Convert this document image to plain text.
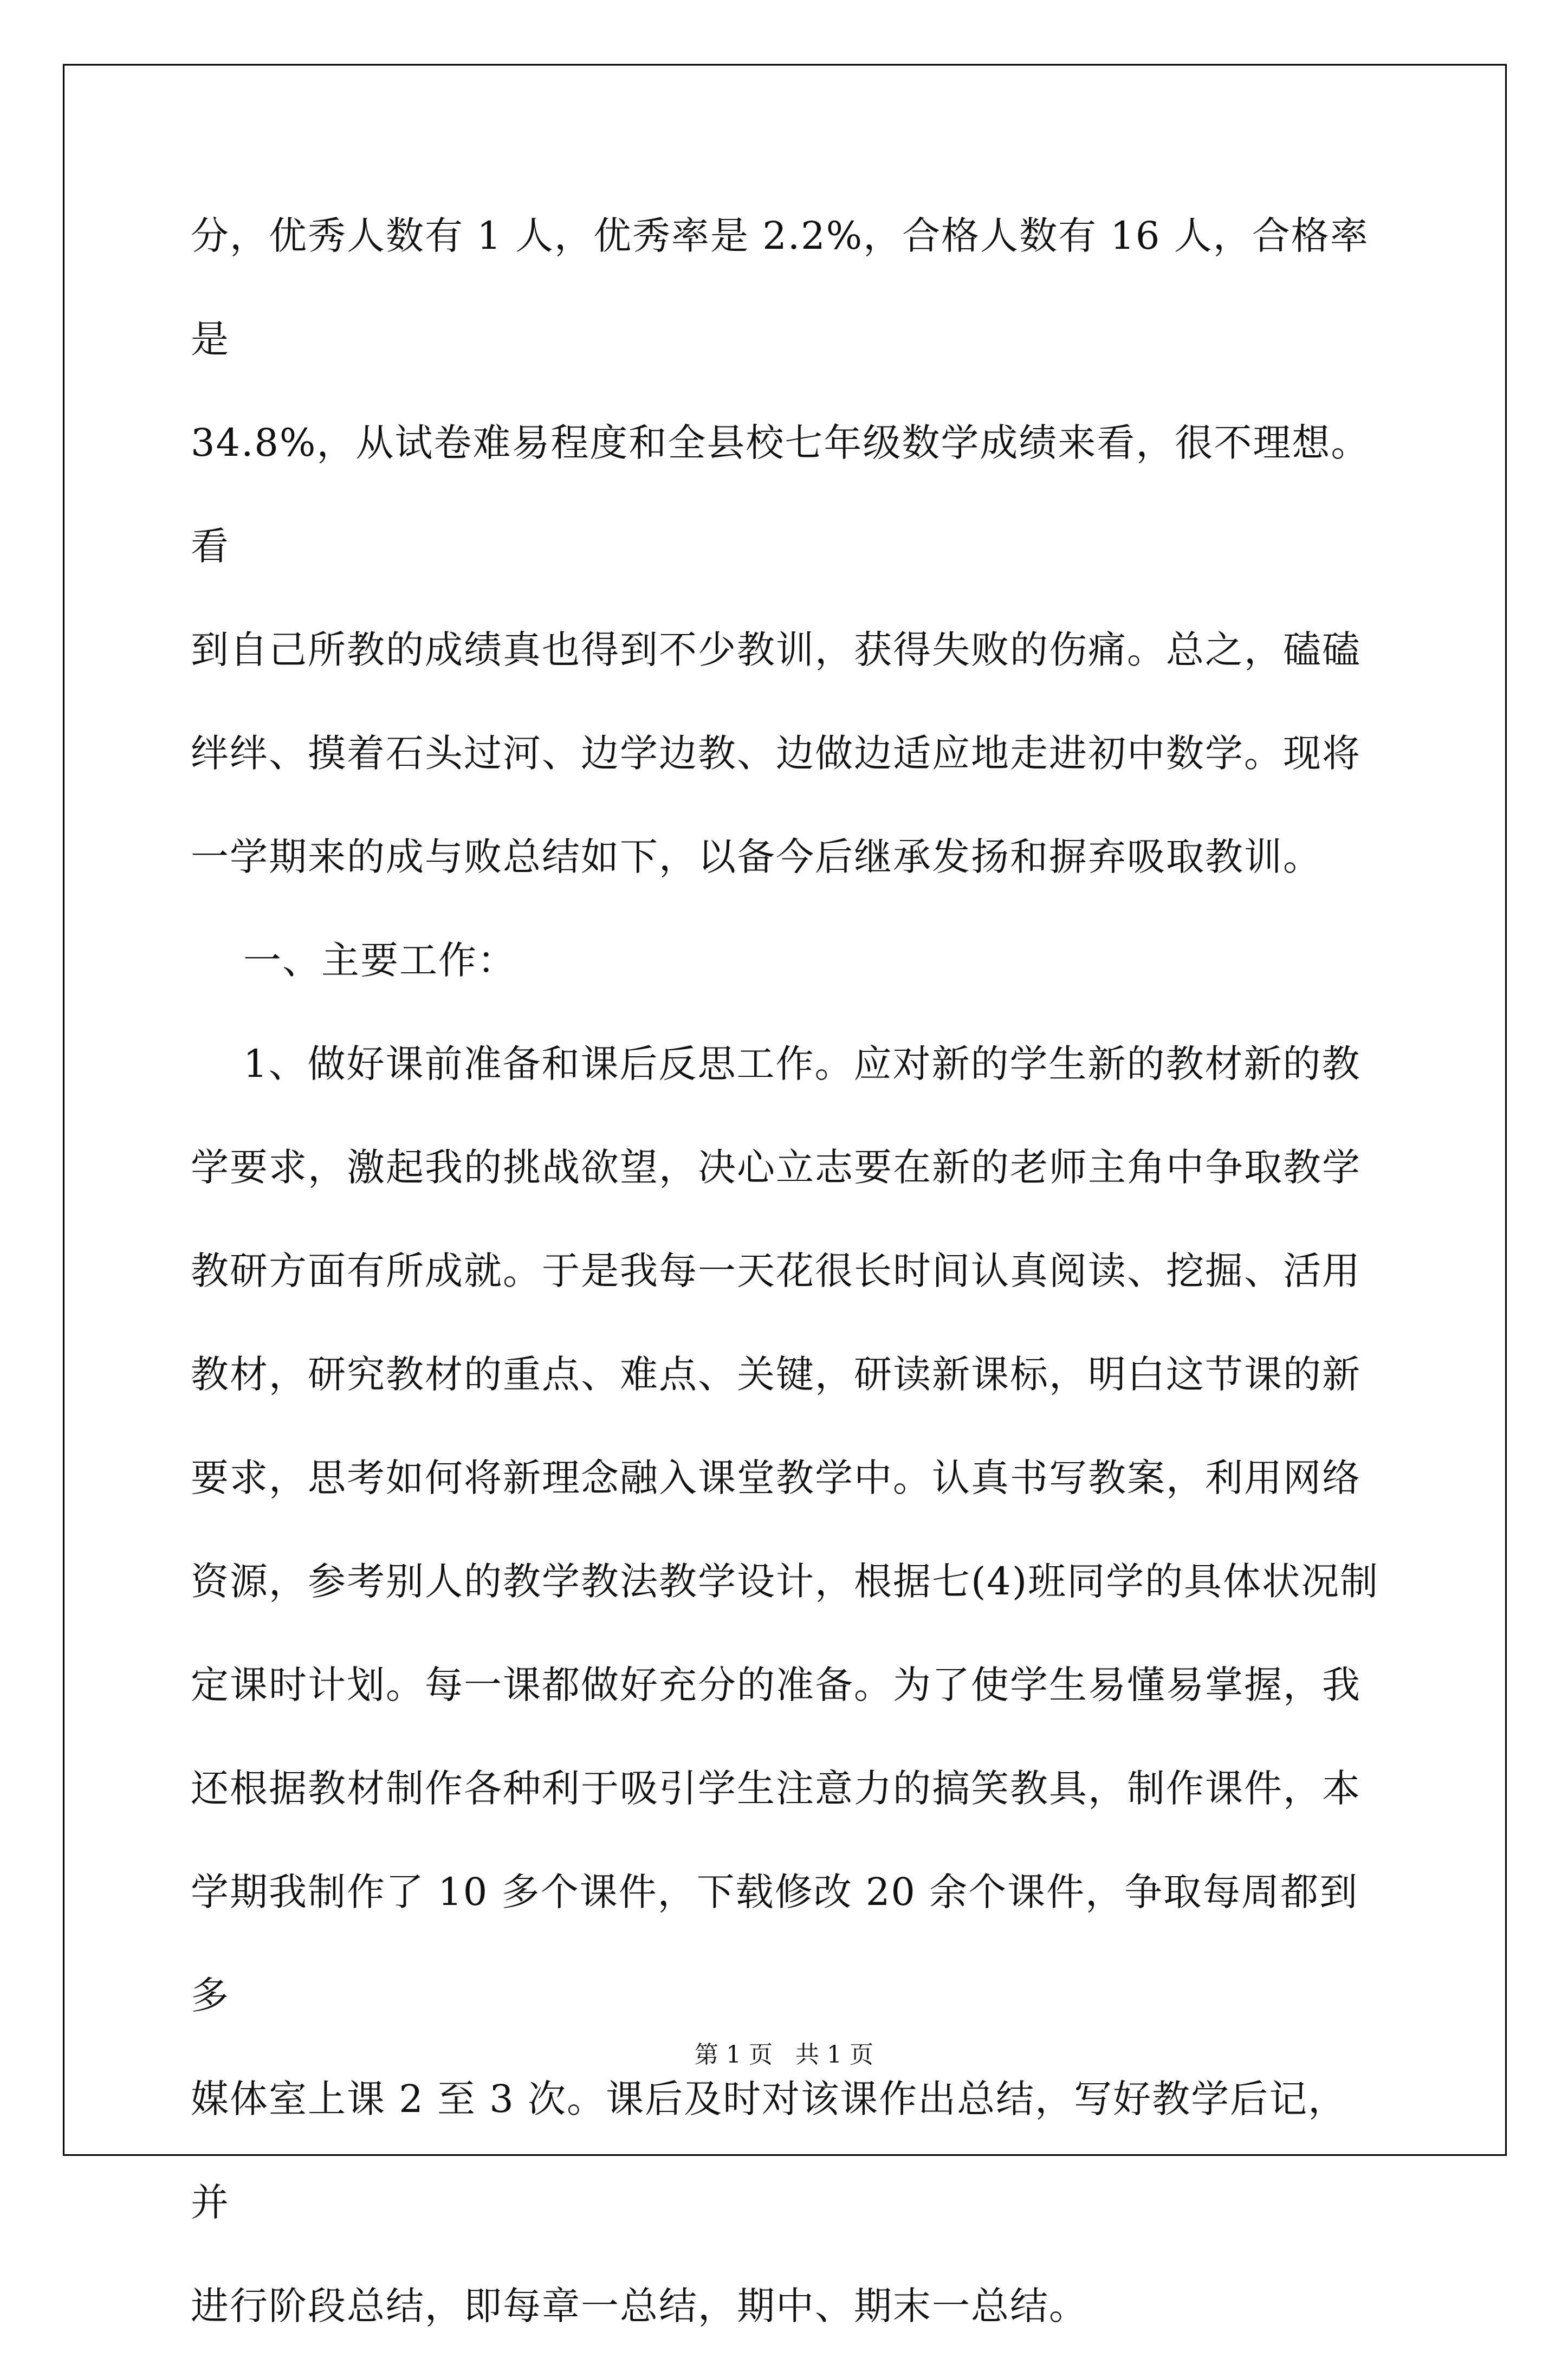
分，优秀人数有 1 人，优秀率是 2.2%，合格人数有 16 人，合格率是

34.8%，从试卷难易程度和全县校七年级数学成绩来看，很不理想。看

到自己所教的成绩真也得到不少教训，获得失败的伤痛。总之，磕磕

绊绊、摸着石头过河、边学边教、边做边适应地走进初中数学。现将

一学期来的成与败总结如下，以备今后继承发扬和摒弃吸取教训。

一、主要工作：

1、做好课前准备和课后反思工作。应对新的学生新的教材新的教

学要求，激起我的挑战欲望，决心立志要在新的老师主角中争取教学

教研方面有所成就。于是我每一天花很长时间认真阅读、挖掘、活用

教材，研究教材的重点、难点、关键，研读新课标，明白这节课的新

要求，思考如何将新理念融入课堂教学中。认真书写教案，利用网络

资源，参考别人的教学教法教学设计，根据七(4)班同学的具体状况制

定课时计划。每一课都做好充分的准备。为了使学生易懂易掌握，我

还根据教材制作各种利于吸引学生注意力的搞笑教具，制作课件，本

学期我制作了 10 多个课件，下载修改 20 余个课件，争取每周都到多

媒体室上课 2 至 3 次。课后及时对该课作出总结，写好教学后记，并

进行阶段总结，即每章一总结，期中、期末一总结。

第 1 页 共 1 页
